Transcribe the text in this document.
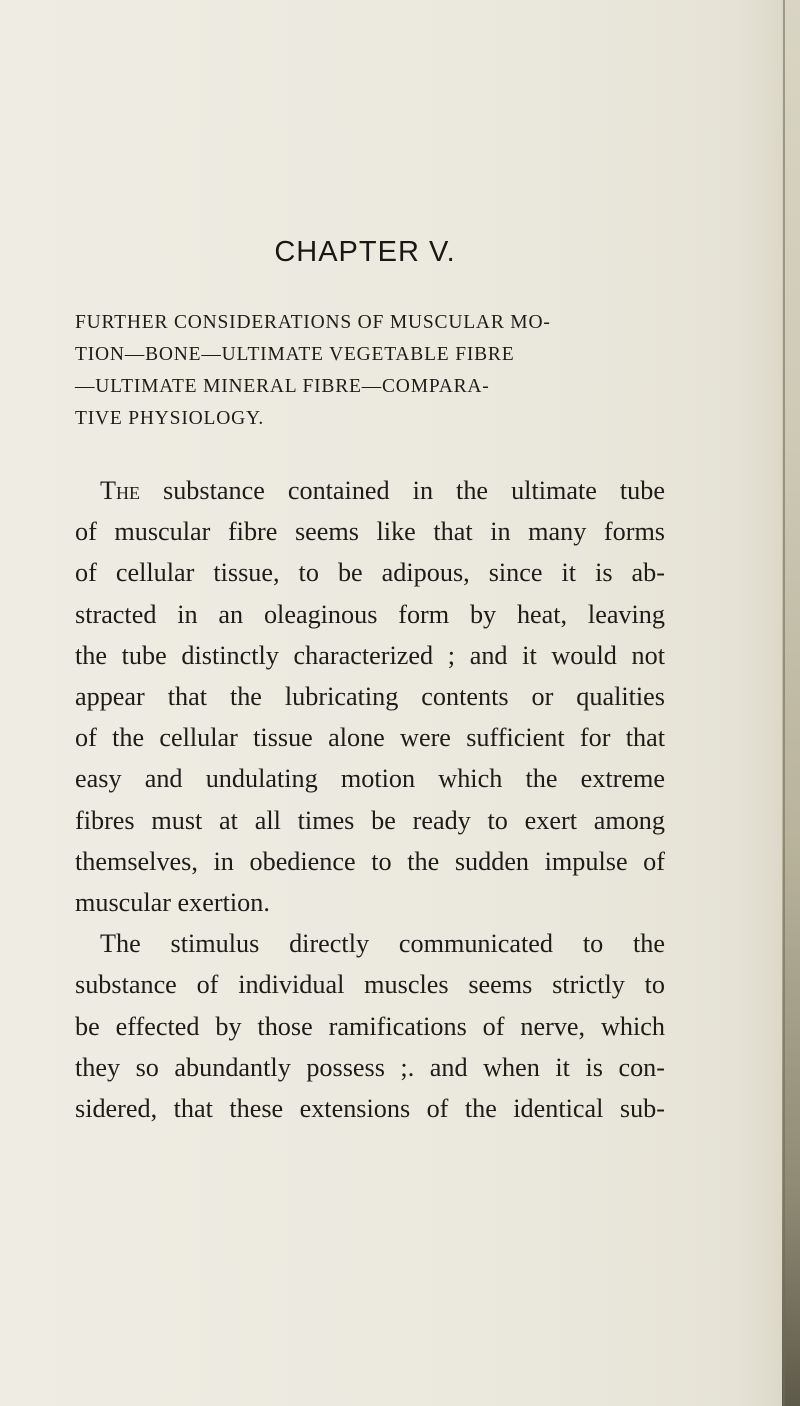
CHAPTER V.
FURTHER CONSIDERATIONS OF MUSCULAR MO-
TION—BONE—ULTIMATE VEGETABLE FIBRE
—ULTIMATE MINERAL FIBRE—COMPARA-
TIVE PHYSIOLOGY.
The substance contained in the ultimate tube
of muscular fibre seems like that in many forms
of cellular tissue, to be adipous, since it is ab-
stracted in an oleaginous form by heat, leaving
the tube distinctly characterized ; and it would not
appear that the lubricating contents or qualities
of the cellular tissue alone were sufficient for that
easy and undulating motion which the extreme
fibres must at all times be ready to exert among
themselves, in obedience to the sudden impulse of
muscular exertion.
The stimulus directly communicated to the
substance of individual muscles seems strictly to
be effected by those ramifications of nerve, which
they so abundantly possess ;. and when it is con-
sidered, that these extensions of the identical sub-
